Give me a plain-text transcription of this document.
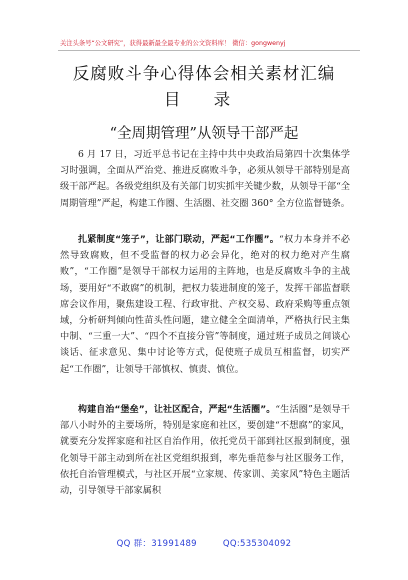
关注头条号“公文研究”，获得最新最全最专业的公文资料库！ 微信：gongwenyj
反腐败斗争心得体会相关素材汇编
目 录
“全周期管理”从领导干部严起

6 月 17 日，习近平总书记在主持中共中央政治局第四十次集体学习时强调，全面从严治党、推进反腐败斗争，必须从领导干部特别是高级干部严起。各级党组织及有关部门切实抓牢关键少数，从领导干部“全周期管理”严起，构建工作圈、生活圈、社交圈 360° 全方位监督链条。

扎紧制度“笼子”，让部门联动，严起“工作圈”。“权力本身并不必然导致腐败，但不受监督的权力必会异化，绝对的权力绝对产生腐败”，“工作圈”是领导干部权力运用的主阵地，也是反腐败斗争的主战场，要用好“不敢腐”的机制，把权力装进制度的笼子，发挥干部监督联席会议作用，聚焦建设工程、行政审批、产权交易、政府采购等重点领域，分析研判倾向性苗头性问题，建立健全全面清单，严格执行民主集中制、“三重一大”、“四个不直接分管”等制度，通过班子成员之间谈心谈话、征求意见、集中讨论等方式，促使班子成员互相监督，切实严起“工作圈”，让领导干部慎权、慎责、慎位。

构建自治“堡垒”，让社区配合，严起“生活圈”。“生活圈”是领导干部八小时外的主要场所，特别是家庭和社区，要创建“不想腐”的家风，就要充分发挥家庭和社区自治作用，依托党员干部到社区报到制度，强化领导干部主动到所在社区党组织报到，率先垂范参与社区服务工作，依托自治管理模式，与社区开展“立家规、传家训、美家风”特色主题活动，引导领导干部家属积

QQ 群：31991489	QQ:535304092
